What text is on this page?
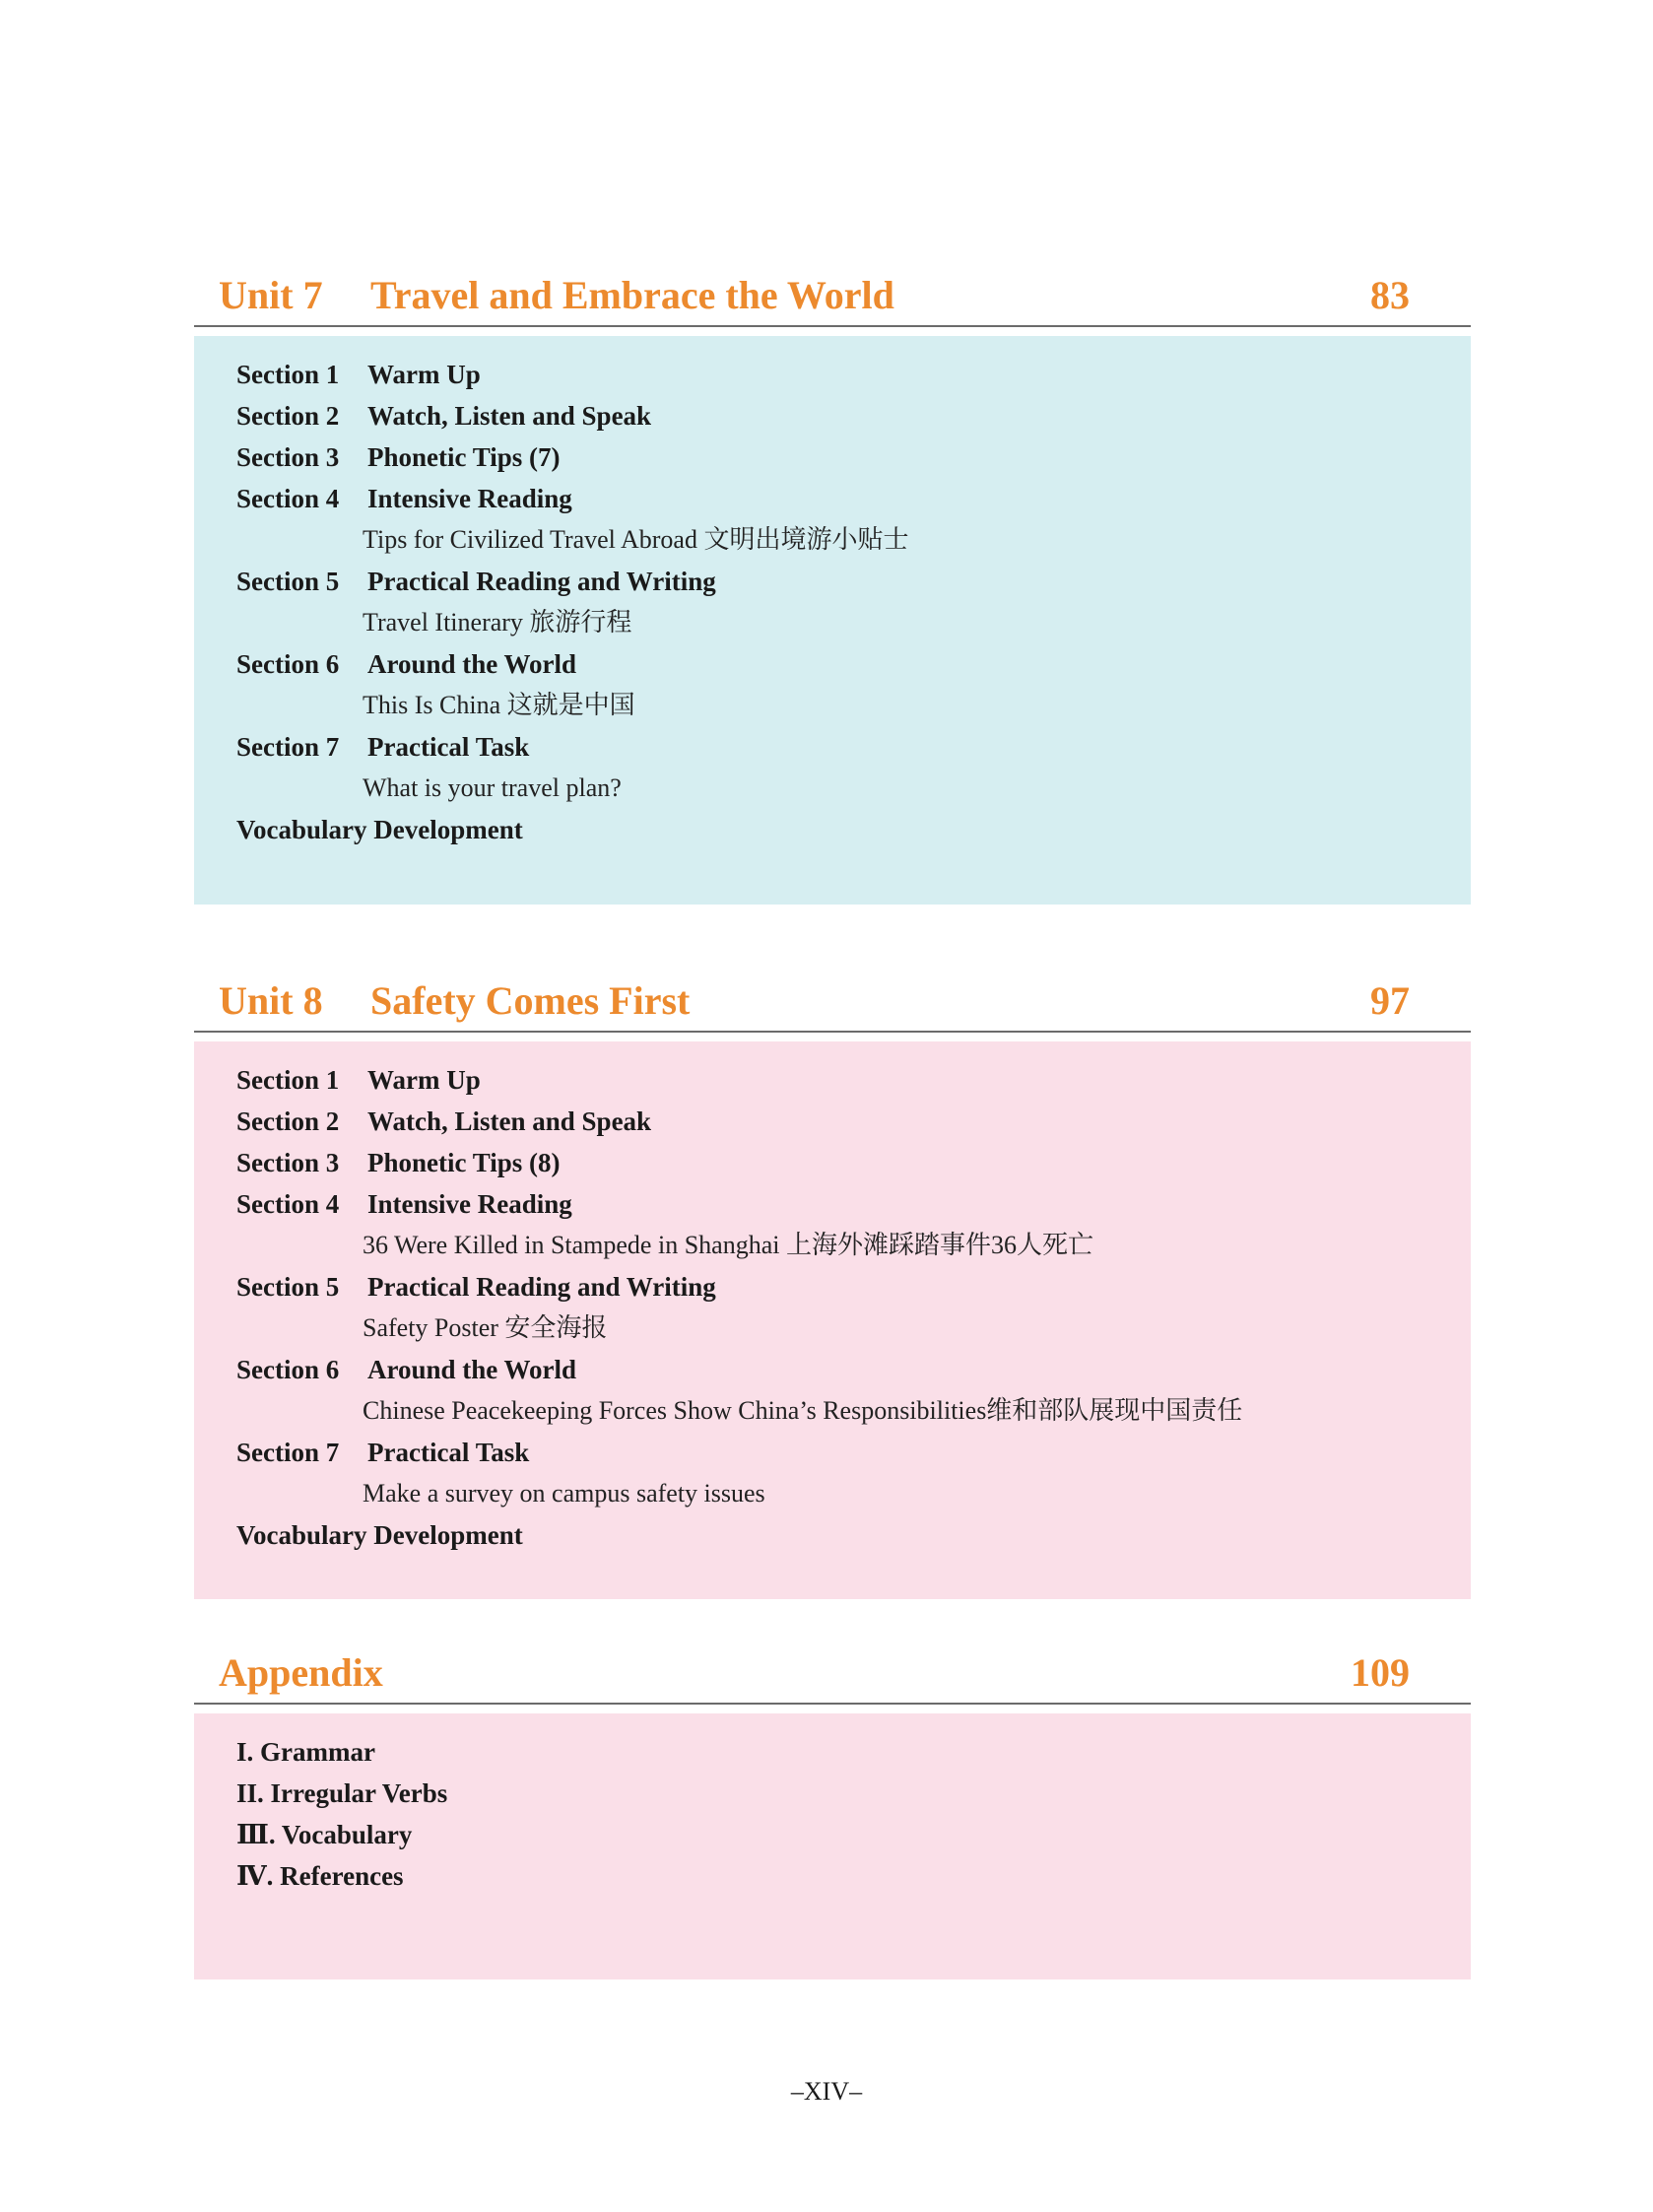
Unit 7 Travel and Embrace the World	83
Section 1 Warm Up
Section 2 Watch, Listen and Speak
Section 3 Phonetic Tips (7)
Section 4 Intensive Reading
Tips for Civilized Travel Abroad 文明出境游小贴士
Section 5 Practical Reading and Writing
Travel Itinerary 旅游行程
Section 6 Around the World
This Is China 这就是中国
Section 7 Practical Task
What is your travel plan?
Vocabulary Development
Unit 8 Safety Comes First	97
Section 1 Warm Up
Section 2 Watch, Listen and Speak
Section 3 Phonetic Tips (8)
Section 4 Intensive Reading
36 Were Killed in Stampede in Shanghai 上海外滩踩踏事件36人死亡
Section 5 Practical Reading and Writing
Safety Poster 安全海报
Section 6 Around the World
Chinese Peacekeeping Forces Show China’s Responsibilities维和部队展现中国责任
Section 7 Practical Task
Make a survey on campus safety issues
Vocabulary Development
Appendix	109
I. Grammar
II. Irregular Verbs
Ⅲ. Vocabulary
Ⅳ. References
–XIV–
